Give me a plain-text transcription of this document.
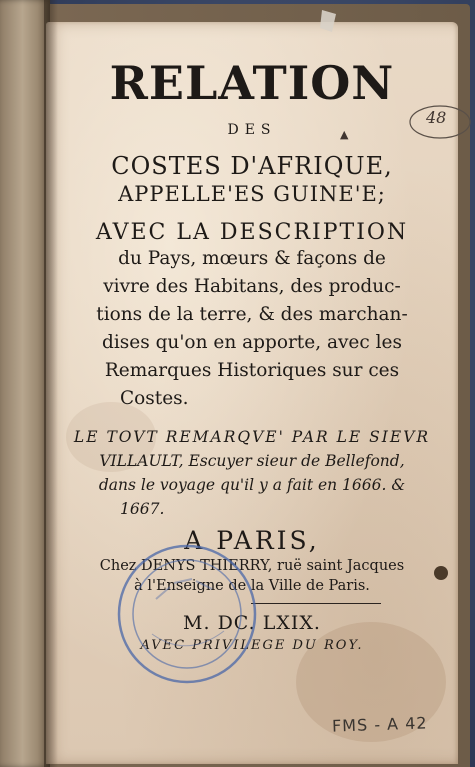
RELATION
DES
COSTES D'AFRIQUE,
APPELLE'ES GUINE'E;
AVEC LA DESCRIPTION
du Pays, mœurs & façons de
vivre des Habitans, des produc-
tions de la terre, & des marchan-
dises qu'on en apporte, avec les
Remarques Historiques sur ces
Costes.
LE TOVT REMARQVE' PAR LE SIEVR
VILLAULT, Escuyer sieur de Bellefond,
dans le voyage qu'il y a fait en 1666. &
1667.
A PARIS,
Chez DENYS THIERRY, ruë saint Jacques
à l'Enseigne de la Ville de Paris.
M. DC. LXIX.
AVEC PRIVILEGE DU ROY.
FMS - A 42
48
▲
